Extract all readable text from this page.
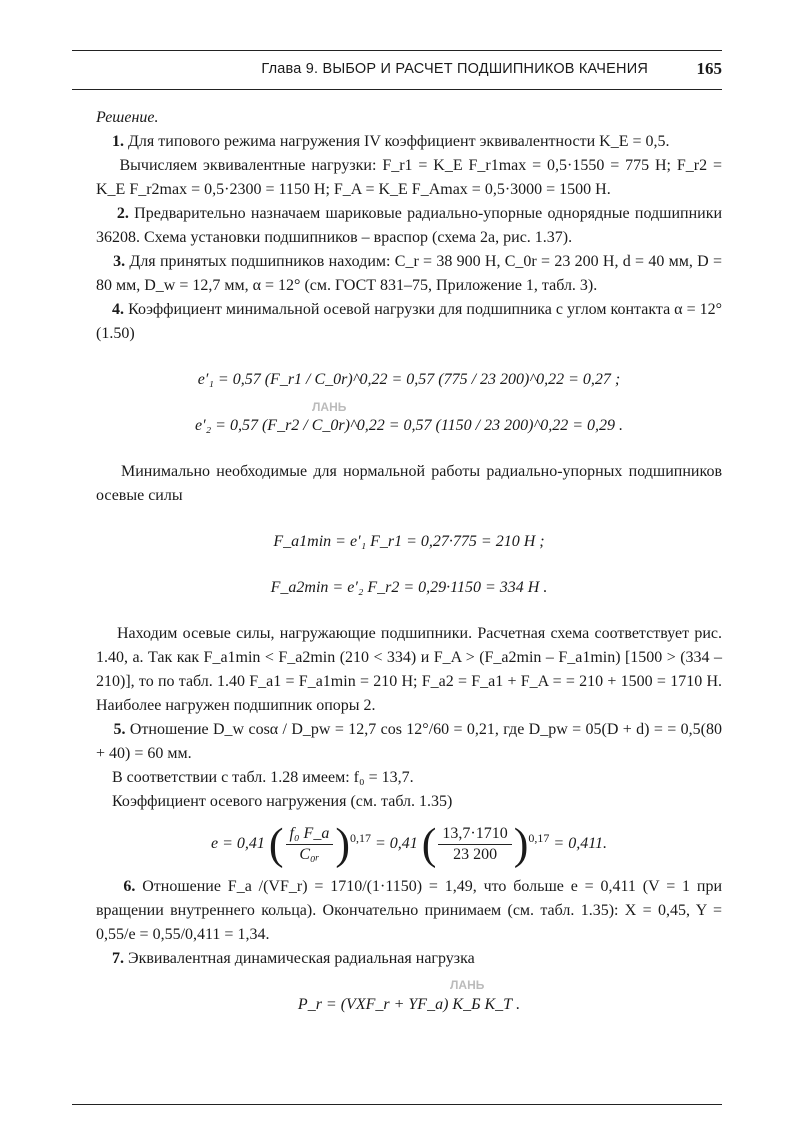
Глава 9. ВЫБОР И РАСЧЕТ ПОДШИПНИКОВ КАЧЕНИЯ	165

Решение.

1. Для типового режима нагружения IV коэффициент эквивалентности K_E = 0,5.

Вычисляем эквивалентные нагрузки: F_r1 = K_E F_r1max = 0,5·1550 = 775 Н; F_r2 = K_E F_r2max = 0,5·2300 = 1150 Н; F_A = K_E F_Amax = 0,5·3000 = 1500 Н.

2. Предварительно назначаем шариковые радиально-упорные однорядные подшипники 36208. Схема установки подшипников – враспор (схема 2а, рис. 1.37).

3. Для принятых подшипников находим: C_r = 38 900 Н, C_0r = 23 200 Н, d = 40 мм, D = 80 мм, D_w = 12,7 мм, α = 12° (см. ГОСТ 831–75, Приложение 1, табл. 3).

4. Коэффициент минимальной осевой нагрузки для подшипника с углом контакта α = 12° (1.50)

e′₁ = 0,57 (F_r1 / C_0r)^0,22 = 0,57 (775 / 23 200)^0,22 = 0,27 ;
e′₂ = 0,57 (F_r2 / C_0r)^0,22 = 0,57 (1150 / 23 200)^0,22 = 0,29 .

Минимально необходимые для нормальной работы радиально-упорных подшипников осевые силы

F_a1min = e′₁ F_r1 = 0,27·775 = 210 Н ;
F_a2min = e′₂ F_r2 = 0,29·1150 = 334 Н .

Находим осевые силы, нагружающие подшипники. Расчетная схема соответствует рис. 1.40, а. Так как F_a1min < F_a2min (210 < 334) и F_A > (F_a2min – F_a1min) [1500 > (334 – 210)], то по табл. 1.40 F_a1 = F_a1min = 210 Н; F_a2 = F_a1 + F_A = = 210 + 1500 = 1710 Н. Наиболее нагружен подшипник опоры 2.

5. Отношение D_w cosα / D_pw = 12,7 cos 12°/60 = 0,21, где D_pw = 05(D + d) = = 0,5(80 + 40) = 60 мм.

В соответствии с табл. 1.28 имеем: f₀ = 13,7.

Коэффициент осевого нагружения (см. табл. 1.35)

e = 0,41 ( $\frac{\text{f₀ F\_a}}{\text{C₀ᵣ}} )^{0,17} = 0,41$ ( $\frac{13,7\cdot 1710}{23 200} )^{0,17} = 0,411$.

6. Отношение F_a /(VF_r) = 1710/(1·1150) = 1,49, что больше e = 0,411 (V = 1 при вращении внутреннего кольца). Окончательно принимаем (см. табл. 1.35): X = 0,45, Y = 0,55/e = 0,55/0,411 = 1,34.

7. Эквивалентная динамическая радиальная нагрузка

P_r = (VXF_r + YF_a) K_Б K_Т .
ЛАНЬ
ЛАНЬ
